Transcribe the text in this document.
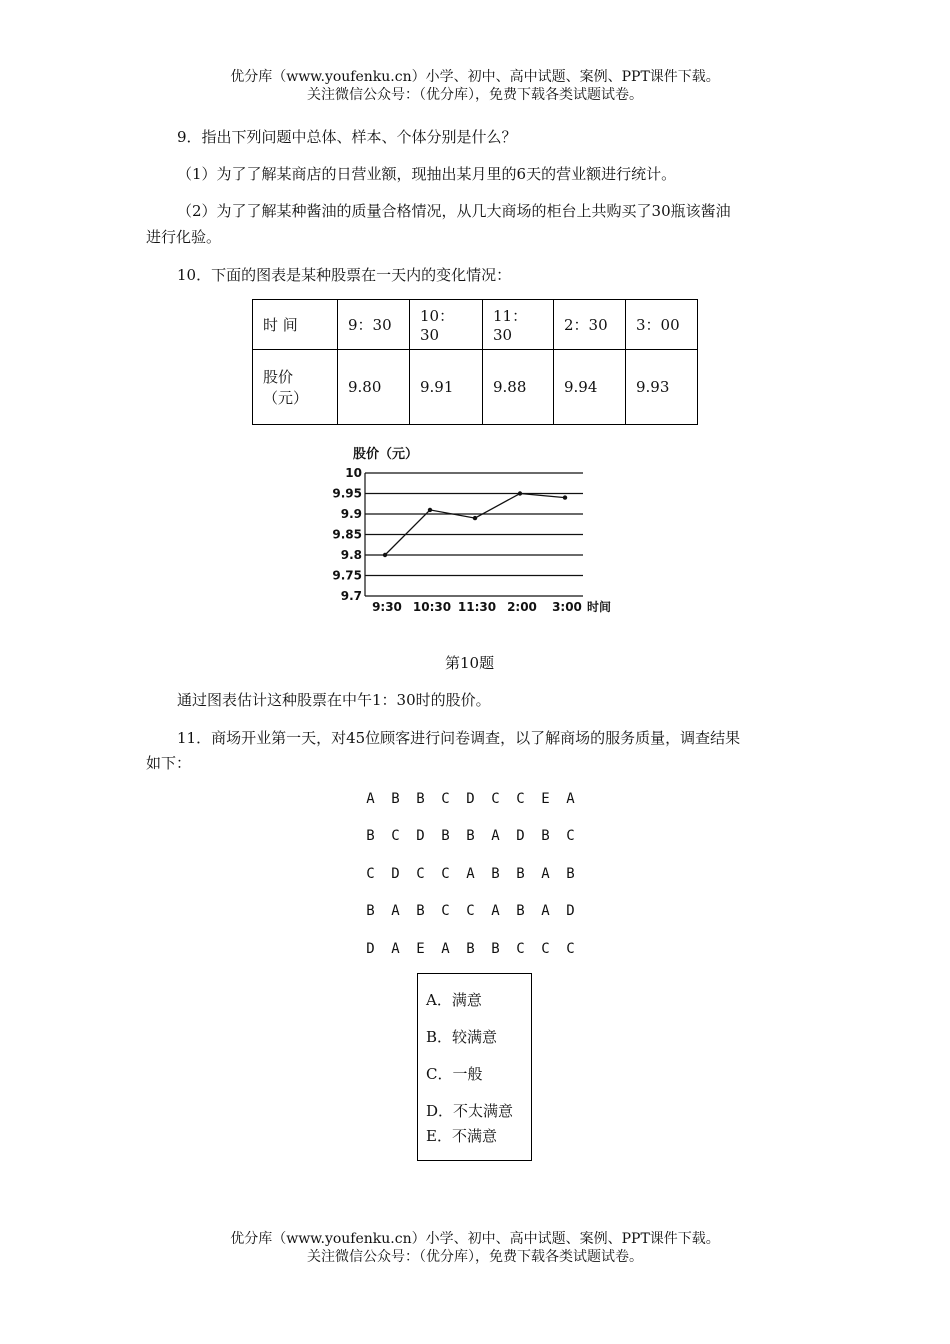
优分库（www.youfenku.cn）小学、初中、高中试题、案例、PPT课件下载。
关注微信公众号：（优分库），免费下载各类试题试卷。
9．指出下列问题中总体、样本、个体分别是什么？
（1）为了了解某商店的日营业额，现抽出某月里的6天的营业额进行统计。
（2）为了了解某种酱油的质量合格情况，从几大商场的柜台上共购买了30瓶该酱油
进行化验。
10．下面的图表是某种股票在一天内的变化情况：
时 间	9：30	10：30	11：30	2：30	3：00

股价
（元）	9.80	9.91	9.88	9.94	9.93
股价（元）
10
9.95
9.9
9.85
9.8
9.75
9.7
9:30 10:30 11:30 2:00 3:00 时间
第10题
通过图表估计这种股票在中午1：30时的股价。
11．商场开业第一天，对45位顾客进行问卷调查，以了解商场的服务质量，调查结果
如下：
A B B C D C C E A
B C D B B A D B C
C D C C A B B A B
B A B C C A B A D
D A E A B B C C C
A．满意
B．较满意
C．一般
D．不太满意
E．不满意
优分库（www.youfenku.cn）小学、初中、高中试题、案例、PPT课件下载。
关注微信公众号：（优分库），免费下载各类试题试卷。
